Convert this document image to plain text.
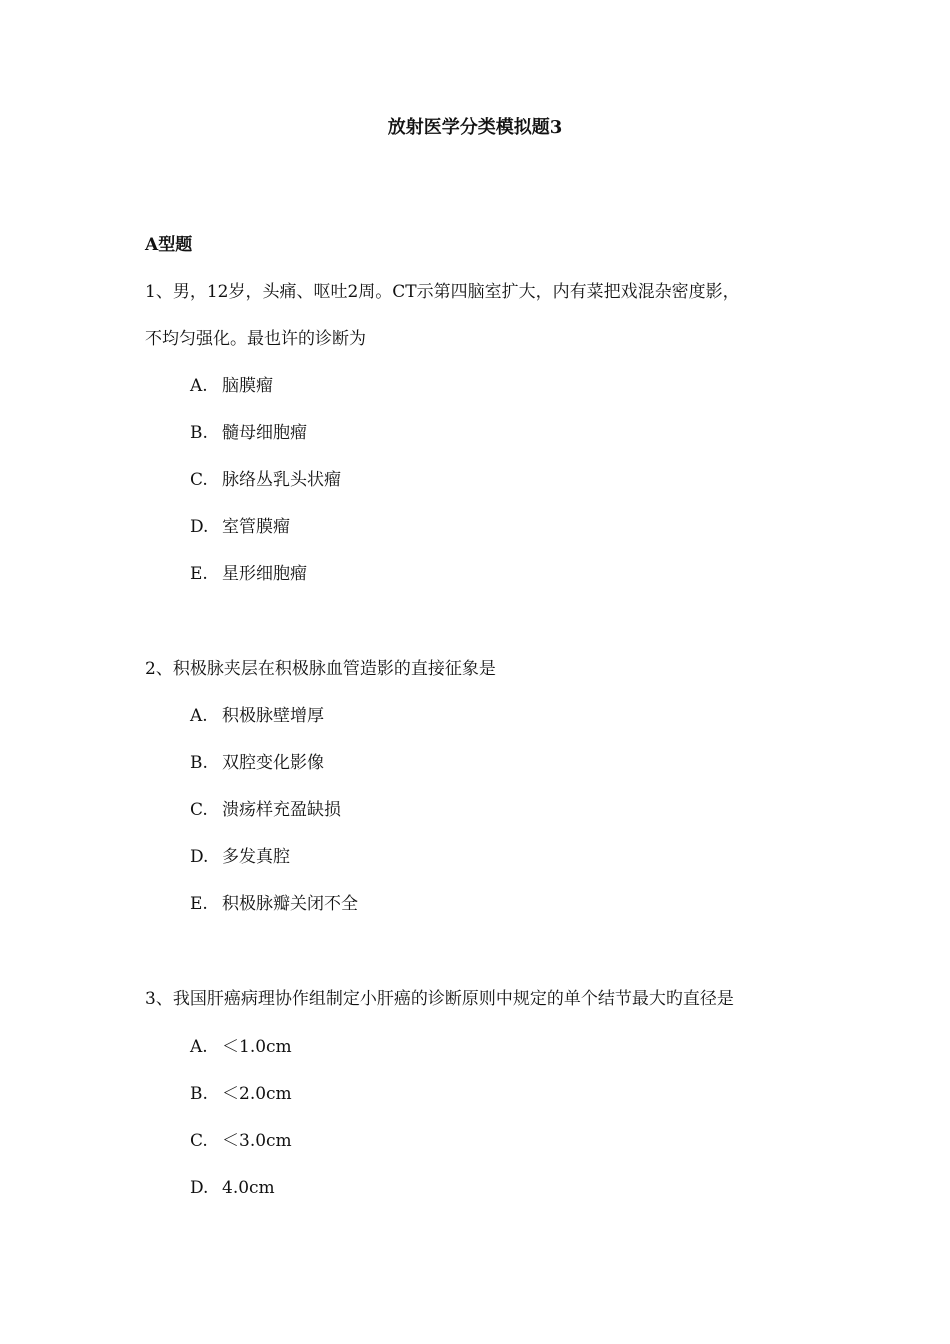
放射医学分类模拟题3
A型题
1、男，12岁，头痛、呕吐2周。CT示第四脑室扩大，内有菜把戏混杂密度影，
不均匀强化。最也许的诊断为
A. 脑膜瘤
B. 髓母细胞瘤
C. 脉络丛乳头状瘤
D. 室管膜瘤
E. 星形细胞瘤
2、积极脉夹层在积极脉血管造影的直接征象是
A. 积极脉壁增厚
B. 双腔变化影像
C. 溃疡样充盈缺损
D. 多发真腔
E. 积极脉瓣关闭不全
3、我国肝癌病理协作组制定小肝癌的诊断原则中规定的单个结节最大旳直径是
A. ＜1.0cm
B. ＜2.0cm
C. ＜3.0cm
D. 4.0cm
